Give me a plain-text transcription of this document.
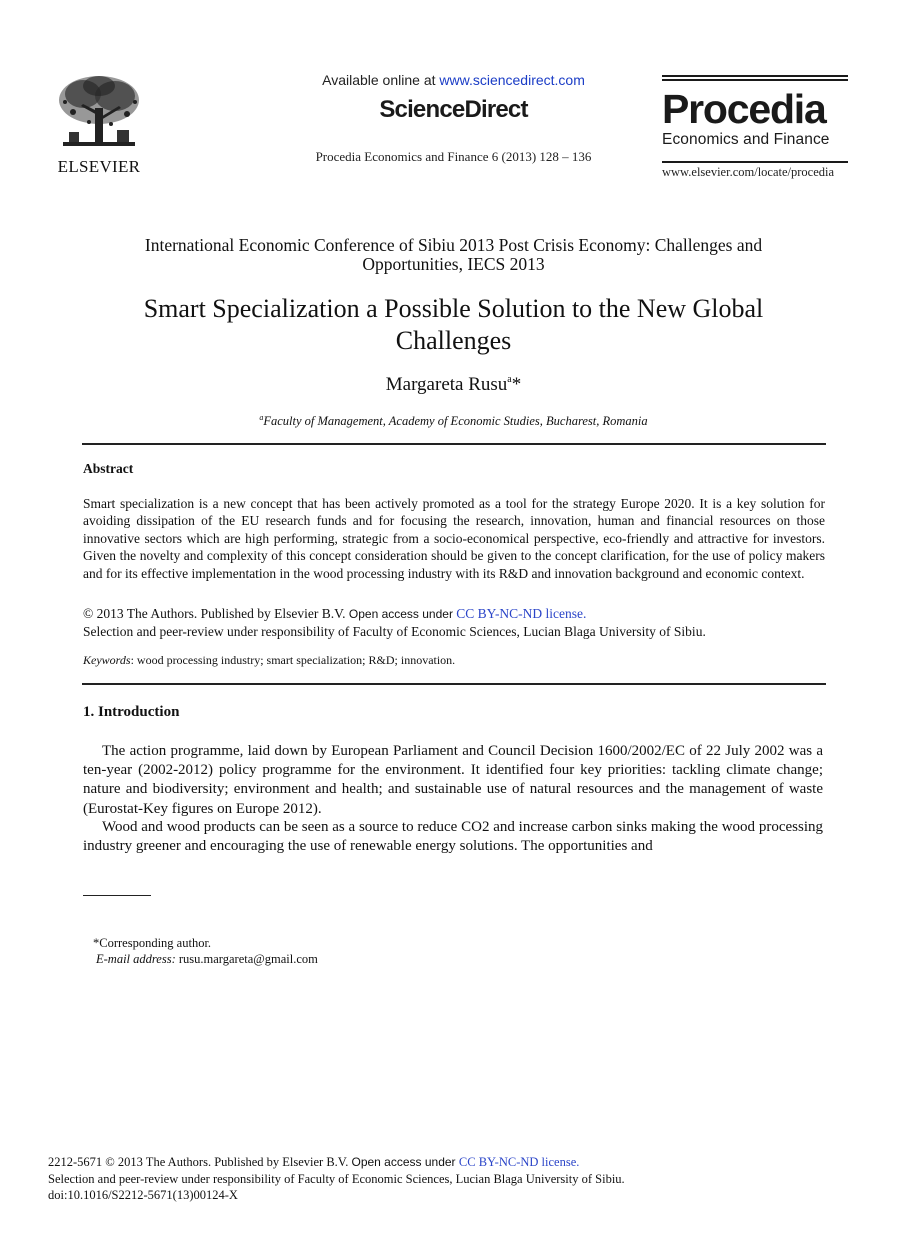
ELSEVIER
Available online at www.sciencedirect.com
ScienceDirect
Procedia Economics and Finance 6 (2013) 128 – 136
Procedia
Economics and Finance
www.elsevier.com/locate/procedia
International Economic Conference of Sibiu 2013 Post Crisis Economy: Challenges and Opportunities, IECS 2013
Smart Specialization a Possible Solution to the New Global Challenges
Margareta Rusu$^a$*
$^a$Faculty of Management, Academy of Economic Studies, Bucharest, Romania
Abstract
Smart specialization is a new concept that has been actively promoted as a tool for the strategy Europe 2020. It is a key solution for avoiding dissipation of the EU research funds and for focusing the research, innovation, human and financial resources on those innovative sectors which are high performing, strategic from a socio-economical perspective, eco-friendly and attractive for investors. Given the novelty and complexity of this concept consideration should be given to the concept clarification, for the use of policy makers and for its effective implementation in the wood processing industry with its R&D and innovation background and economic context.
© 2013 The Authors. Published by Elsevier B.V. Open access under CC BY-NC-ND license.
Selection and peer-review under responsibility of Faculty of Economic Sciences, Lucian Blaga University of Sibiu.
Keywords: wood processing industry; smart specialization; R&D; innovation.
1. Introduction
The action programme, laid down by European Parliament and Council Decision 1600/2002/EC of 22 July 2002 was a ten-year (2002-2012) policy programme for the environment. It identified four key priorities: tackling climate change; nature and biodiversity; environment and health; and sustainable use of natural resources and the management of waste (Eurostat-Key figures on Europe 2012).
Wood and wood products can be seen as a source to reduce CO2 and increase carbon sinks making the wood processing industry greener and encouraging the use of renewable energy solutions. The opportunities and
*Corresponding author.
E-mail address: rusu.margareta@gmail.com
2212-5671 © 2013 The Authors. Published by Elsevier B.V. Open access under CC BY-NC-ND license.
Selection and peer-review under responsibility of Faculty of Economic Sciences, Lucian Blaga University of Sibiu.
doi:10.1016/S2212-5671(13)00124-X
